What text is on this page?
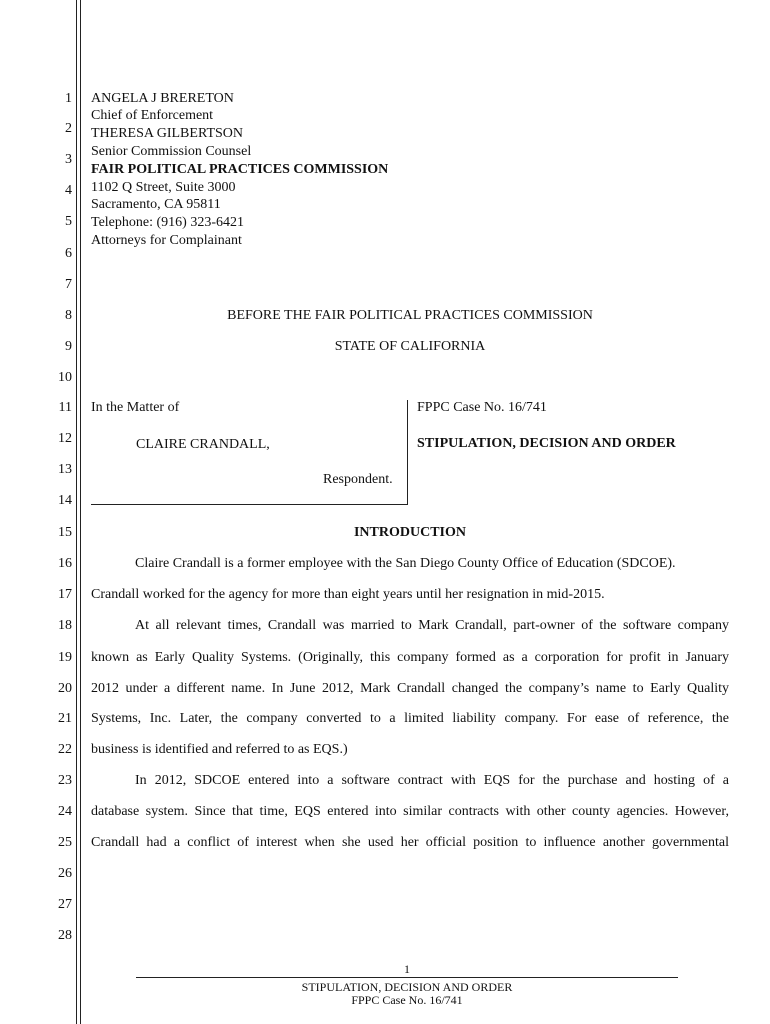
1
2
3
4
5
6
7
8
9
10
11
12
13
14
15
16
17
18
19
20
21
22
23
24
25
26
27
28
ANGELA J BRERETON
Chief of Enforcement
THERESA GILBERTSON
Senior Commission Counsel
FAIR POLITICAL PRACTICES COMMISSION
1102 Q Street, Suite 3000
Sacramento, CA 95811
Telephone: (916) 323-6421
Attorneys for Complainant
BEFORE THE FAIR POLITICAL PRACTICES COMMISSION
STATE OF CALIFORNIA
In the Matter of
CLAIRE CRANDALL,
Respondent.
FPPC Case No. 16/741
STIPULATION, DECISION AND ORDER
INTRODUCTION
Claire Crandall is a former employee with the San Diego County Office of Education (SDCOE).
Crandall worked for the agency for more than eight years until her resignation in mid-2015.
At all relevant times, Crandall was married to Mark Crandall, part-owner of the software company
known as Early Quality Systems. (Originally, this company formed as a corporation for profit in January
2012 under a different name. In June 2012, Mark Crandall changed the company’s name to Early Quality
Systems, Inc. Later, the company converted to a limited liability company. For ease of reference, the
business is identified and referred to as EQS.)
In 2012, SDCOE entered into a software contract with EQS for the purchase and hosting of a
database system. Since that time, EQS entered into similar contracts with other county agencies. However,
Crandall had a conflict of interest when she used her official position to influence another governmental
1
STIPULATION, DECISION AND ORDER
FPPC Case No. 16/741
